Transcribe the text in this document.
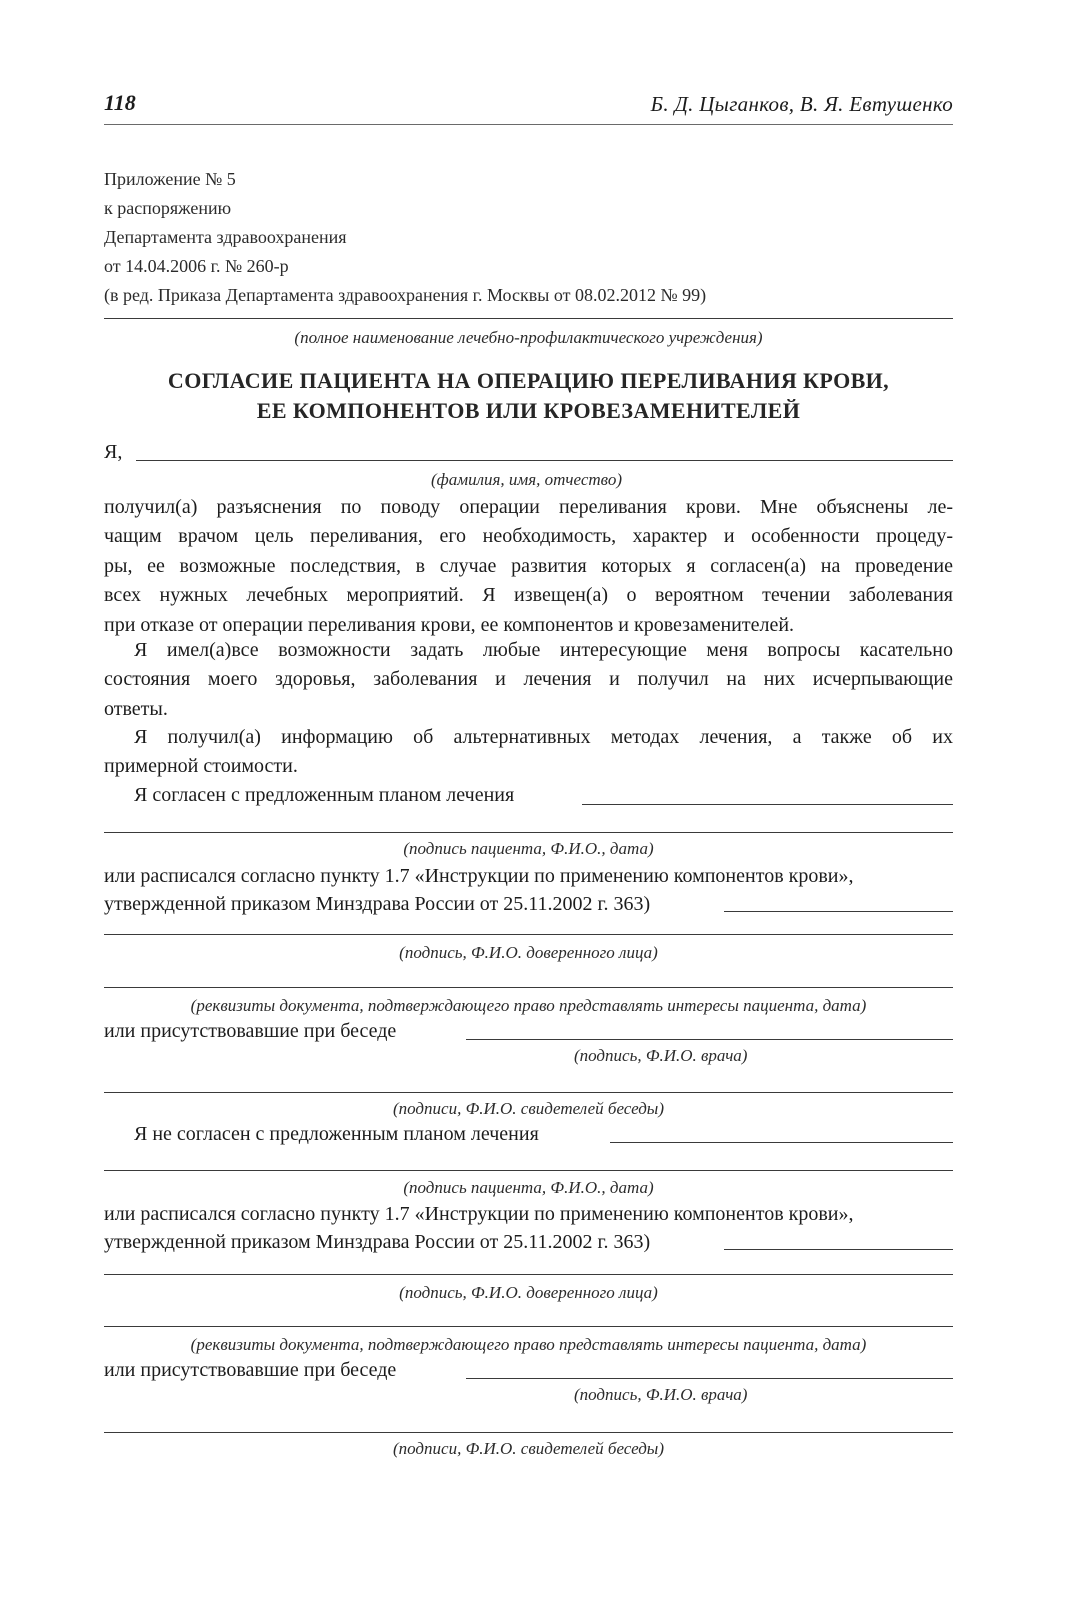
118	Б. Д. Цыганков, В. Я. Евтушенко
Приложение № 5
к распоряжению
Департамента здравоохранения
от 14.04.2006 г. № 260-р
(в ред. Приказа Департамента здравоохранения г. Москвы от 08.02.2012 № 99)
(полное наименование лечебно-профилактического учреждения)
СОГЛАСИЕ ПАЦИЕНТА НА ОПЕРАЦИЮ ПЕРЕЛИВАНИЯ КРОВИ,
ЕЕ КОМПОНЕНТОВ ИЛИ КРОВЕЗАМЕНИТЕЛЕЙ
Я,
(фамилия, имя, отчество)
получил(а) разъяснения по поводу операции переливания крови. Мне объяснены ле-
чащим врачом цель переливания, его необходимость, характер и особенности процеду-
ры, ее возможные последствия, в случае развития которых я согласен(а) на проведение
всех нужных лечебных мероприятий. Я извещен(а) о вероятном течении заболевания
при отказе от операции переливания крови, ее компонентов и кровезаменителей.
Я имел(а)все возможности задать любые интересующие меня вопросы касательно
состояния моего здоровья, заболевания и лечения и получил на них исчерпывающие
ответы.
Я получил(а) информацию об альтернативных методах лечения, а также об их
примерной стоимости.
Я согласен с предложенным планом лечения
(подпись пациента, Ф.И.О., дата)
или расписался согласно пункту 1.7 «Инструкции по применению компонентов крови»,
утвержденной приказом Минздрава России от 25.11.2002 г. 363)
(подпись, Ф.И.О. доверенного лица)
(реквизиты документа, подтверждающего право представлять интересы пациента, дата)
или присутствовавшие при беседе
(подпись, Ф.И.О. врача)
(подписи, Ф.И.О. свидетелей беседы)
Я не согласен с предложенным планом лечения
(подпись пациента, Ф.И.О., дата)
или расписался согласно пункту 1.7 «Инструкции по применению компонентов крови»,
утвержденной приказом Минздрава России от 25.11.2002 г. 363)
(подпись, Ф.И.О. доверенного лица)
(реквизиты документа, подтверждающего право представлять интересы пациента, дата)
или присутствовавшие при беседе
(подпись, Ф.И.О. врача)
(подписи, Ф.И.О. свидетелей беседы)
